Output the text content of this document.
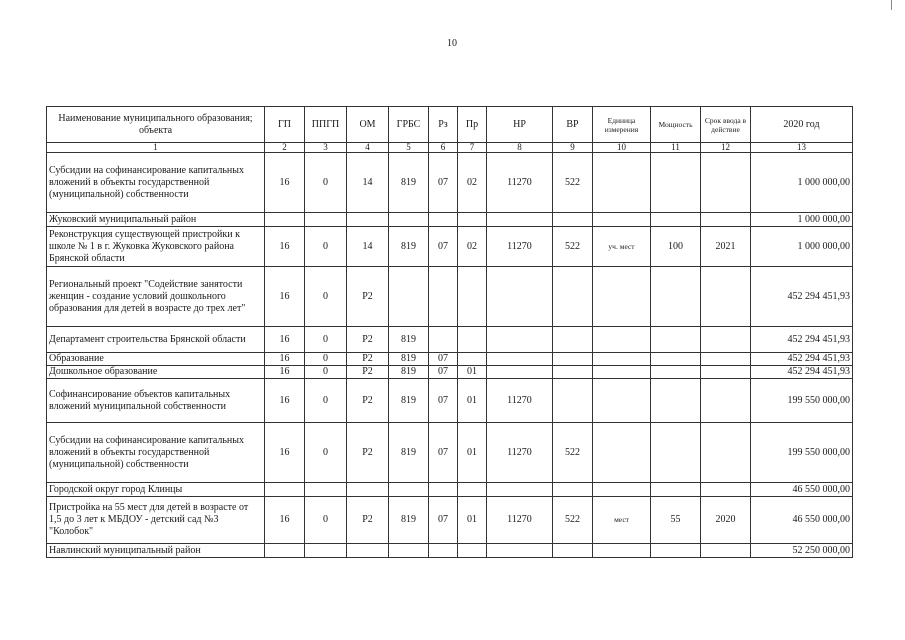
10
Наименование муниципального образования; объекта	ГП	ППГП	ОМ	ГРБС	Рз	Пр	НР	ВР	Единица измерения	Мощность	Срок ввода в действие	2020 год
1	2	3	4	5	6	7	8	9	10	11	12	13
Субсидии на софинансирование капитальных вложений в объекты государственной (муниципальной) собственности	16	0	14	819	07	02	11270	522				1 000 000,00
Жуковский муниципальный район												1 000 000,00
Реконструкция существующей пристройки к школе № 1 в г. Жуковка Жуковского района Брянской области	16	0	14	819	07	02	11270	522	уч. мест	100	2021	1 000 000,00
Региональный проект "Содействие занятости женщин - создание условий дошкольного образования для детей в возрасте до трех лет"	16	0	P2									452 294 451,93
Департамент строительства Брянской области	16	0	P2	819								452 294 451,93
Образование	16	0	P2	819	07							452 294 451,93
Дошкольное образование	16	0	P2	819	07	01						452 294 451,93
Софинансирование объектов капитальных вложений муниципальной собственности	16	0	P2	819	07	01	11270					199 550 000,00
Субсидии на софинансирование капитальных вложений в объекты государственной (муниципальной) собственности	16	0	P2	819	07	01	11270	522				199 550 000,00
Городской округ город Клинцы												46 550 000,00
Пристройка на 55 мест для детей в возрасте от 1,5 до 3 лет к МБДОУ - детский сад №3 "Колобок"	16	0	P2	819	07	01	11270	522	мест	55	2020	46 550 000,00
Навлинский муниципальный район												52 250 000,00
